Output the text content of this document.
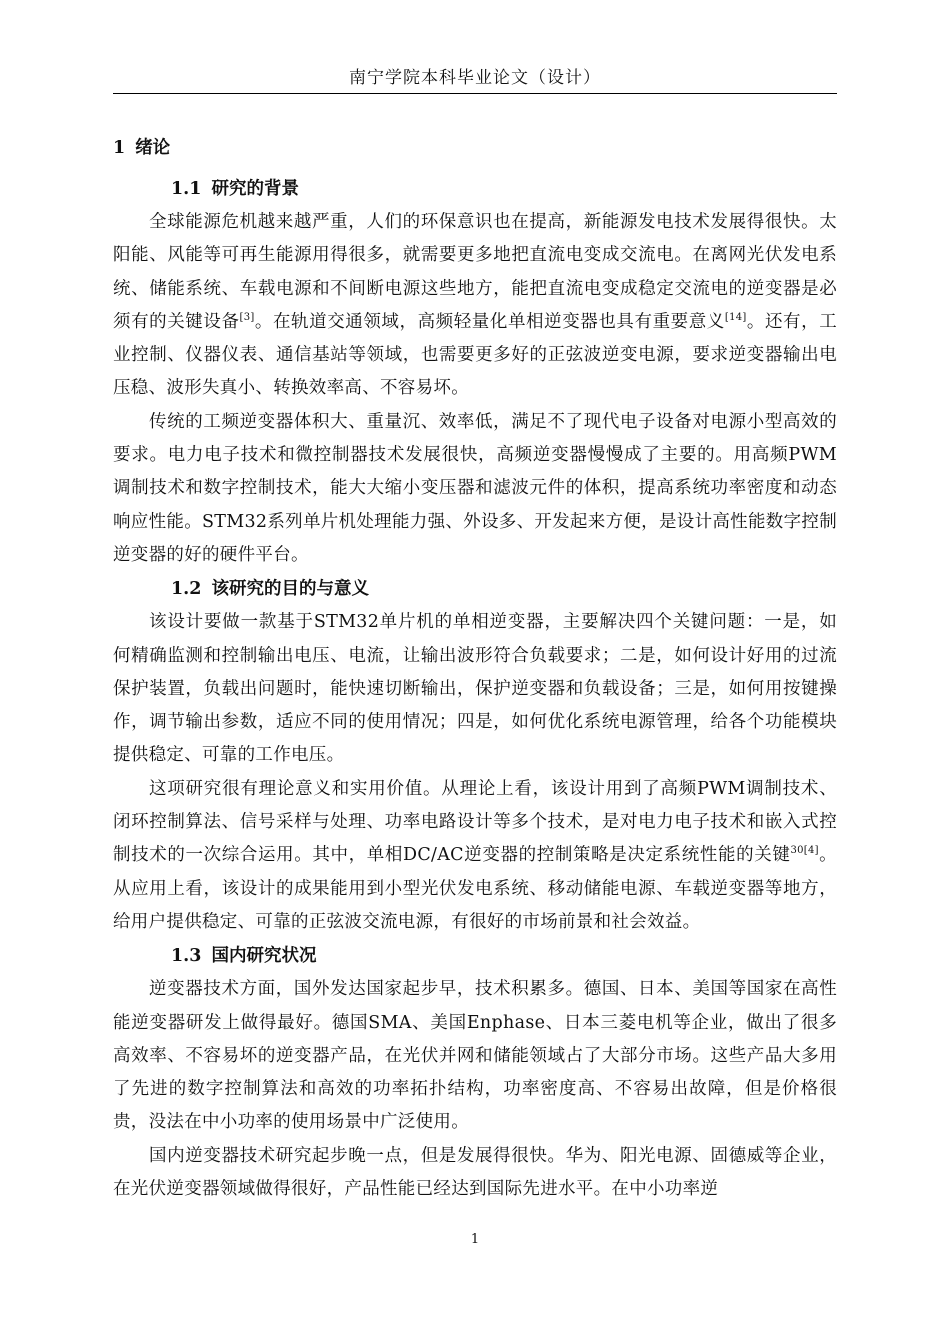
南宁学院本科毕业论文（设计）
1 绪论
1.1 研究的背景

全球能源危机越来越严重，人们的环保意识也在提高，新能源发电技术发展得很快。太阳能、风能等可再生能源用得很多，就需要更多地把直流电变成交流电。在离网光伏发电系统、储能系统、车载电源和不间断电源这些地方，能把直流电变成稳定交流电的逆变器是必须有的关键设备[3]。在轨道交通领域，高频轻量化单相逆变器也具有重要意义[14]。还有，工业控制、仪器仪表、通信基站等领域，也需要更多好的正弦波逆变电源，要求逆变器输出电压稳、波形失真小、转换效率高、不容易坏。

传统的工频逆变器体积大、重量沉、效率低，满足不了现代电子设备对电源小型高效的要求。电力电子技术和微控制器技术发展很快，高频逆变器慢慢成了主要的。用高频PWM调制技术和数字控制技术，能大大缩小变压器和滤波元件的体积，提高系统功率密度和动态响应性能。STM32系列单片机处理能力强、外设多、开发起来方便，是设计高性能数字控制逆变器的好的硬件平台。

1.2 该研究的目的与意义

该设计要做一款基于STM32单片机的单相逆变器，主要解决四个关键问题：一是，如何精确监测和控制输出电压、电流，让输出波形符合负载要求；二是，如何设计好用的过流保护装置，负载出问题时，能快速切断输出，保护逆变器和负载设备；三是，如何用按键操作，调节输出参数，适应不同的使用情况；四是，如何优化系统电源管理，给各个功能模块提供稳定、可靠的工作电压。

这项研究很有理论意义和实用价值。从理论上看，该设计用到了高频PWM调制技术、闭环控制算法、信号采样与处理、功率电路设计等多个技术，是对电力电子技术和嵌入式控制技术的一次综合运用。其中，单相DC/AC逆变器的控制策略是决定系统性能的关键$^{30[4]}$。从应用上看，该设计的成果能用到小型光伏发电系统、移动储能电源、车载逆变器等地方，给用户提供稳定、可靠的正弦波交流电源，有很好的市场前景和社会效益。

1.3 国内研究状况

逆变器技术方面，国外发达国家起步早，技术积累多。德国、日本、美国等国家在高性能逆变器研发上做得最好。德国SMA、美国Enphase、日本三菱电机等企业，做出了很多高效率、不容易坏的逆变器产品，在光伏并网和储能领域占了大部分市场。这些产品大多用了先进的数字控制算法和高效的功率拓扑结构，功率密度高、不容易出故障，但是价格很贵，没法在中小功率的使用场景中广泛使用。

国内逆变器技术研究起步晚一点，但是发展得很快。华为、阳光电源、固德威等企业，在光伏逆变器领域做得很好，产品性能已经达到国际先进水平。在中小功率逆

1
